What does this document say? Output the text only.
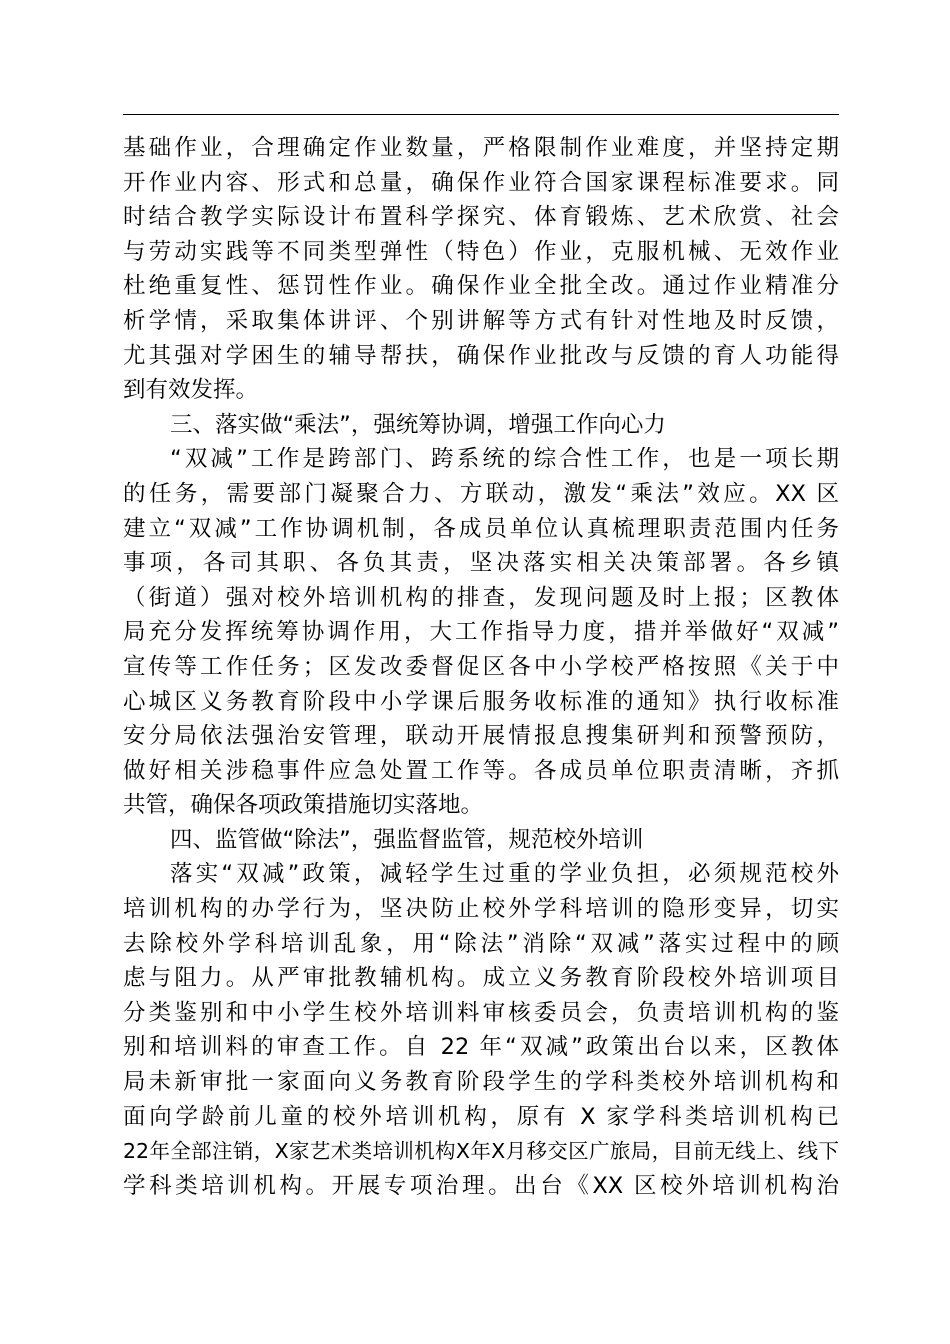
基础作业，合理确定作业数量，严格限制作业难度，并坚持定期
开作业内容、形式和总量，确保作业符合国家课程标准要求。同
时结合教学实际设计布置科学探究、体育锻炼、艺术欣赏、社会
与劳动实践等不同类型弹性（特色）作业，克服机械、无效作业
杜绝重复性、惩罚性作业。确保作业全批全改。通过作业精准分
析学情，采取集体讲评、个别讲解等方式有针对性地及时反馈，
尤其强对学困生的辅导帮扶，确保作业批改与反馈的育人功能得
到有效发挥。
三、落实做“乘法”，强统筹协调，增强工作向心力
“双减”工作是跨部门、跨系统的综合性工作，也是一项长期
的任务，需要部门凝聚合力、方联动，激发“乘法”效应。XX 区
建立“双减”工作协调机制，各成员单位认真梳理职责范围内任务
事项，各司其职、各负其责，坚决落实相关决策部署。各乡镇
（街道）强对校外培训机构的排查，发现问题及时上报；区教体
局充分发挥统筹协调作用，大工作指导力度，措并举做好“双减”
宣传等工作任务；区发改委督促区各中小学校严格按照《关于中
心城区义务教育阶段中小学课后服务收标准的通知》执行收标准
安分局依法强治安管理，联动开展情报息搜集研判和预警预防，
做好相关涉稳事件应急处置工作等。各成员单位职责清晰，齐抓
共管，确保各项政策措施切实落地。
四、监管做“除法”，强监督监管，规范校外培训
落实“双减”政策，减轻学生过重的学业负担，必须规范校外
培训机构的办学行为，坚决防止校外学科培训的隐形变异，切实
去除校外学科培训乱象，用“除法”消除“双减”落实过程中的顾
虑与阻力。从严审批教辅机构。成立义务教育阶段校外培训项目
分类鉴别和中小学生校外培训料审核委员会，负责培训机构的鉴
别和培训料的审查工作。自 22 年“双减”政策出台以来，区教体
局未新审批一家面向义务教育阶段学生的学科类校外培训机构和
面向学龄前儿童的校外培训机构，原有 X 家学科类培训机构已
22年全部注销，X家艺术类培训机构X年X月移交区广旅局，目前无线上、线下
学科类培训机构。开展专项治理。出台《XX 区校外培训机构治
